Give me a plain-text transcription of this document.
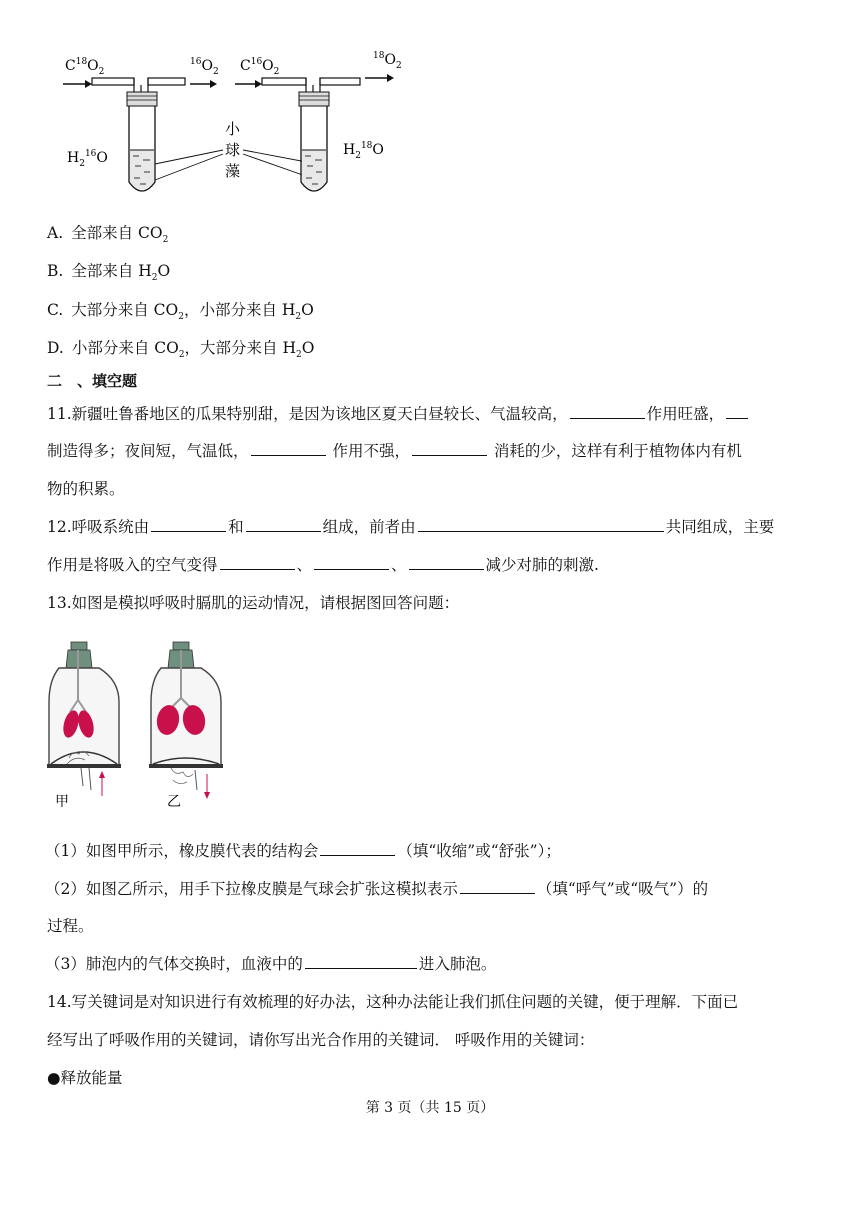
$C^{18}O_2$
$^{16}O_2$
$H_2^{16}O$
小
球
藻
$C^{16}O_2$
$^{18}O_2$
$H_2^{18}O$
A. 全部来自 $CO_2$
B. 全部来自 $H_2O$
C. 大部分来自 $CO_2$，小部分来自 $H_2O$
D. 小部分来自 $CO_2$，大部分来自 $H_2O$
二　、填空题
11.新疆吐鲁番地区的瓜果特别甜，是因为该地区夏天白昼较长、气温较高，	作用旺盛，
制造得多；夜间短，气温低，	作用不强，	消耗的少，这样有利于植物体内有机
物的积累。
12.呼吸系统由	和	组成，前者由	共同组成，主要
作用是将吸入的空气变得	、	、	减少对肺的刺激.
13.如图是模拟呼吸时膈肌的运动情况，请根据图回答问题：
甲	乙
（1）如图甲所示，橡皮膜代表的结构会	（填“收缩”或“舒张”）；
（2）如图乙所示，用手下拉橡皮膜是气球会扩张这模拟表示	（填“呼气”或“吸气”）的
过程。
（3）肺泡内的气体交换时，血液中的	进入肺泡。
14.写关键词是对知识进行有效梳理的好办法，这种办法能让我们抓住问题的关键，便于理解．下面已
经写出了呼吸作用的关键词，请你写出光合作用的关键词． 呼吸作用的关键词：
●释放能量
第 3 页（共 15 页）
